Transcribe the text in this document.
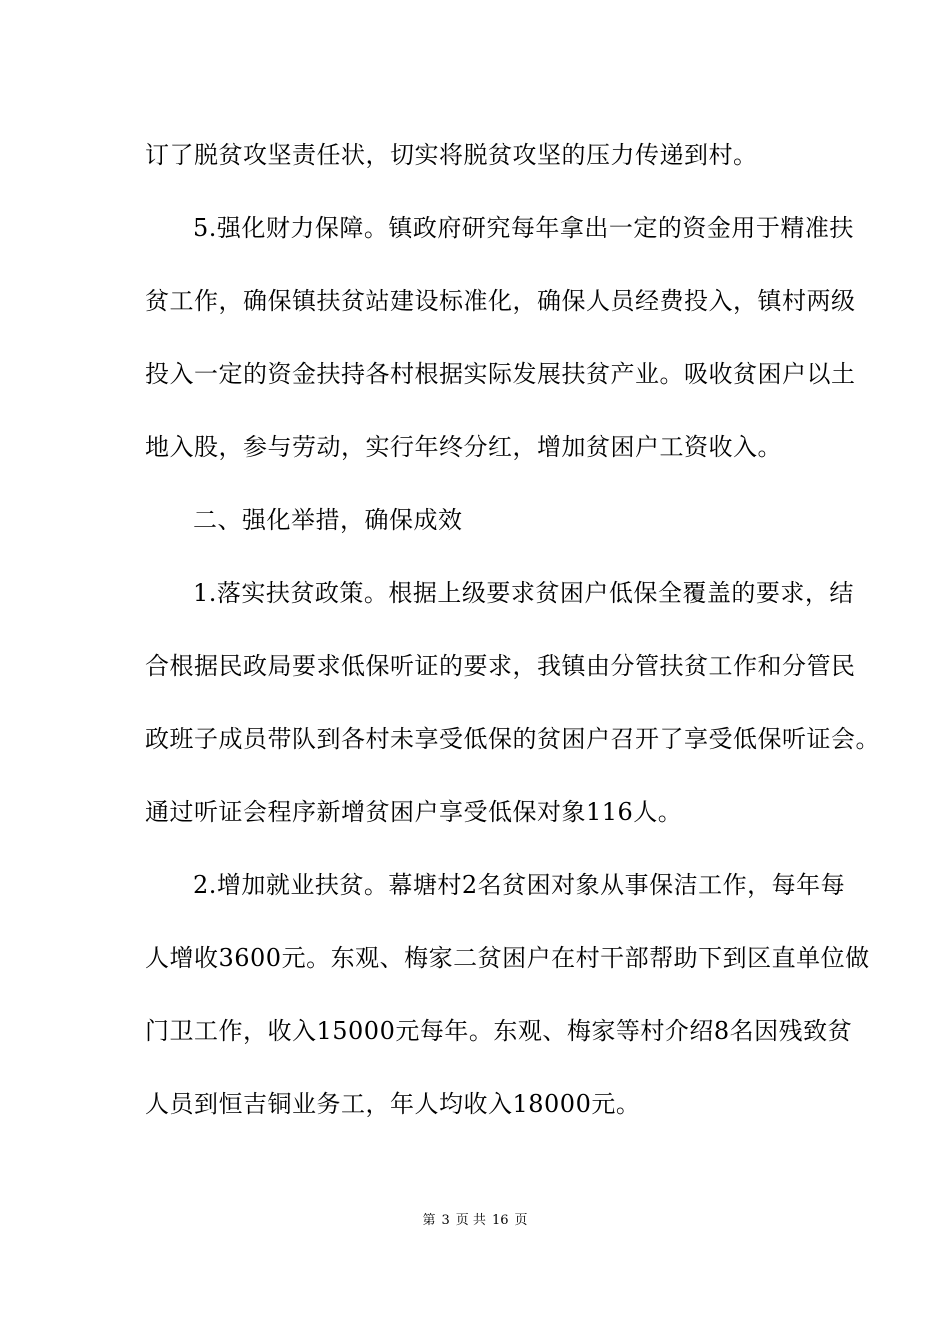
订了脱贫攻坚责任状，切实将脱贫攻坚的压力传递到村。
5.强化财力保障。镇政府研究每年拿出一定的资金用于精准扶
贫工作，确保镇扶贫站建设标准化，确保人员经费投入，镇村两级
投入一定的资金扶持各村根据实际发展扶贫产业。吸收贫困户以土
地入股，参与劳动，实行年终分红，增加贫困户工资收入。
二、强化举措，确保成效
1.落实扶贫政策。根据上级要求贫困户低保全覆盖的要求，结
合根据民政局要求低保听证的要求，我镇由分管扶贫工作和分管民
政班子成员带队到各村未享受低保的贫困户召开了享受低保听证会。
通过听证会程序新增贫困户享受低保对象116人。
2.增加就业扶贫。幕塘村2名贫困对象从事保洁工作，每年每
人增收3600元。东观、梅家二贫困户在村干部帮助下到区直单位做
门卫工作，收入15000元每年。东观、梅家等村介绍8名因残致贫
人员到恒吉铜业务工，年人均收入18000元。
第 3 页 共 16 页
